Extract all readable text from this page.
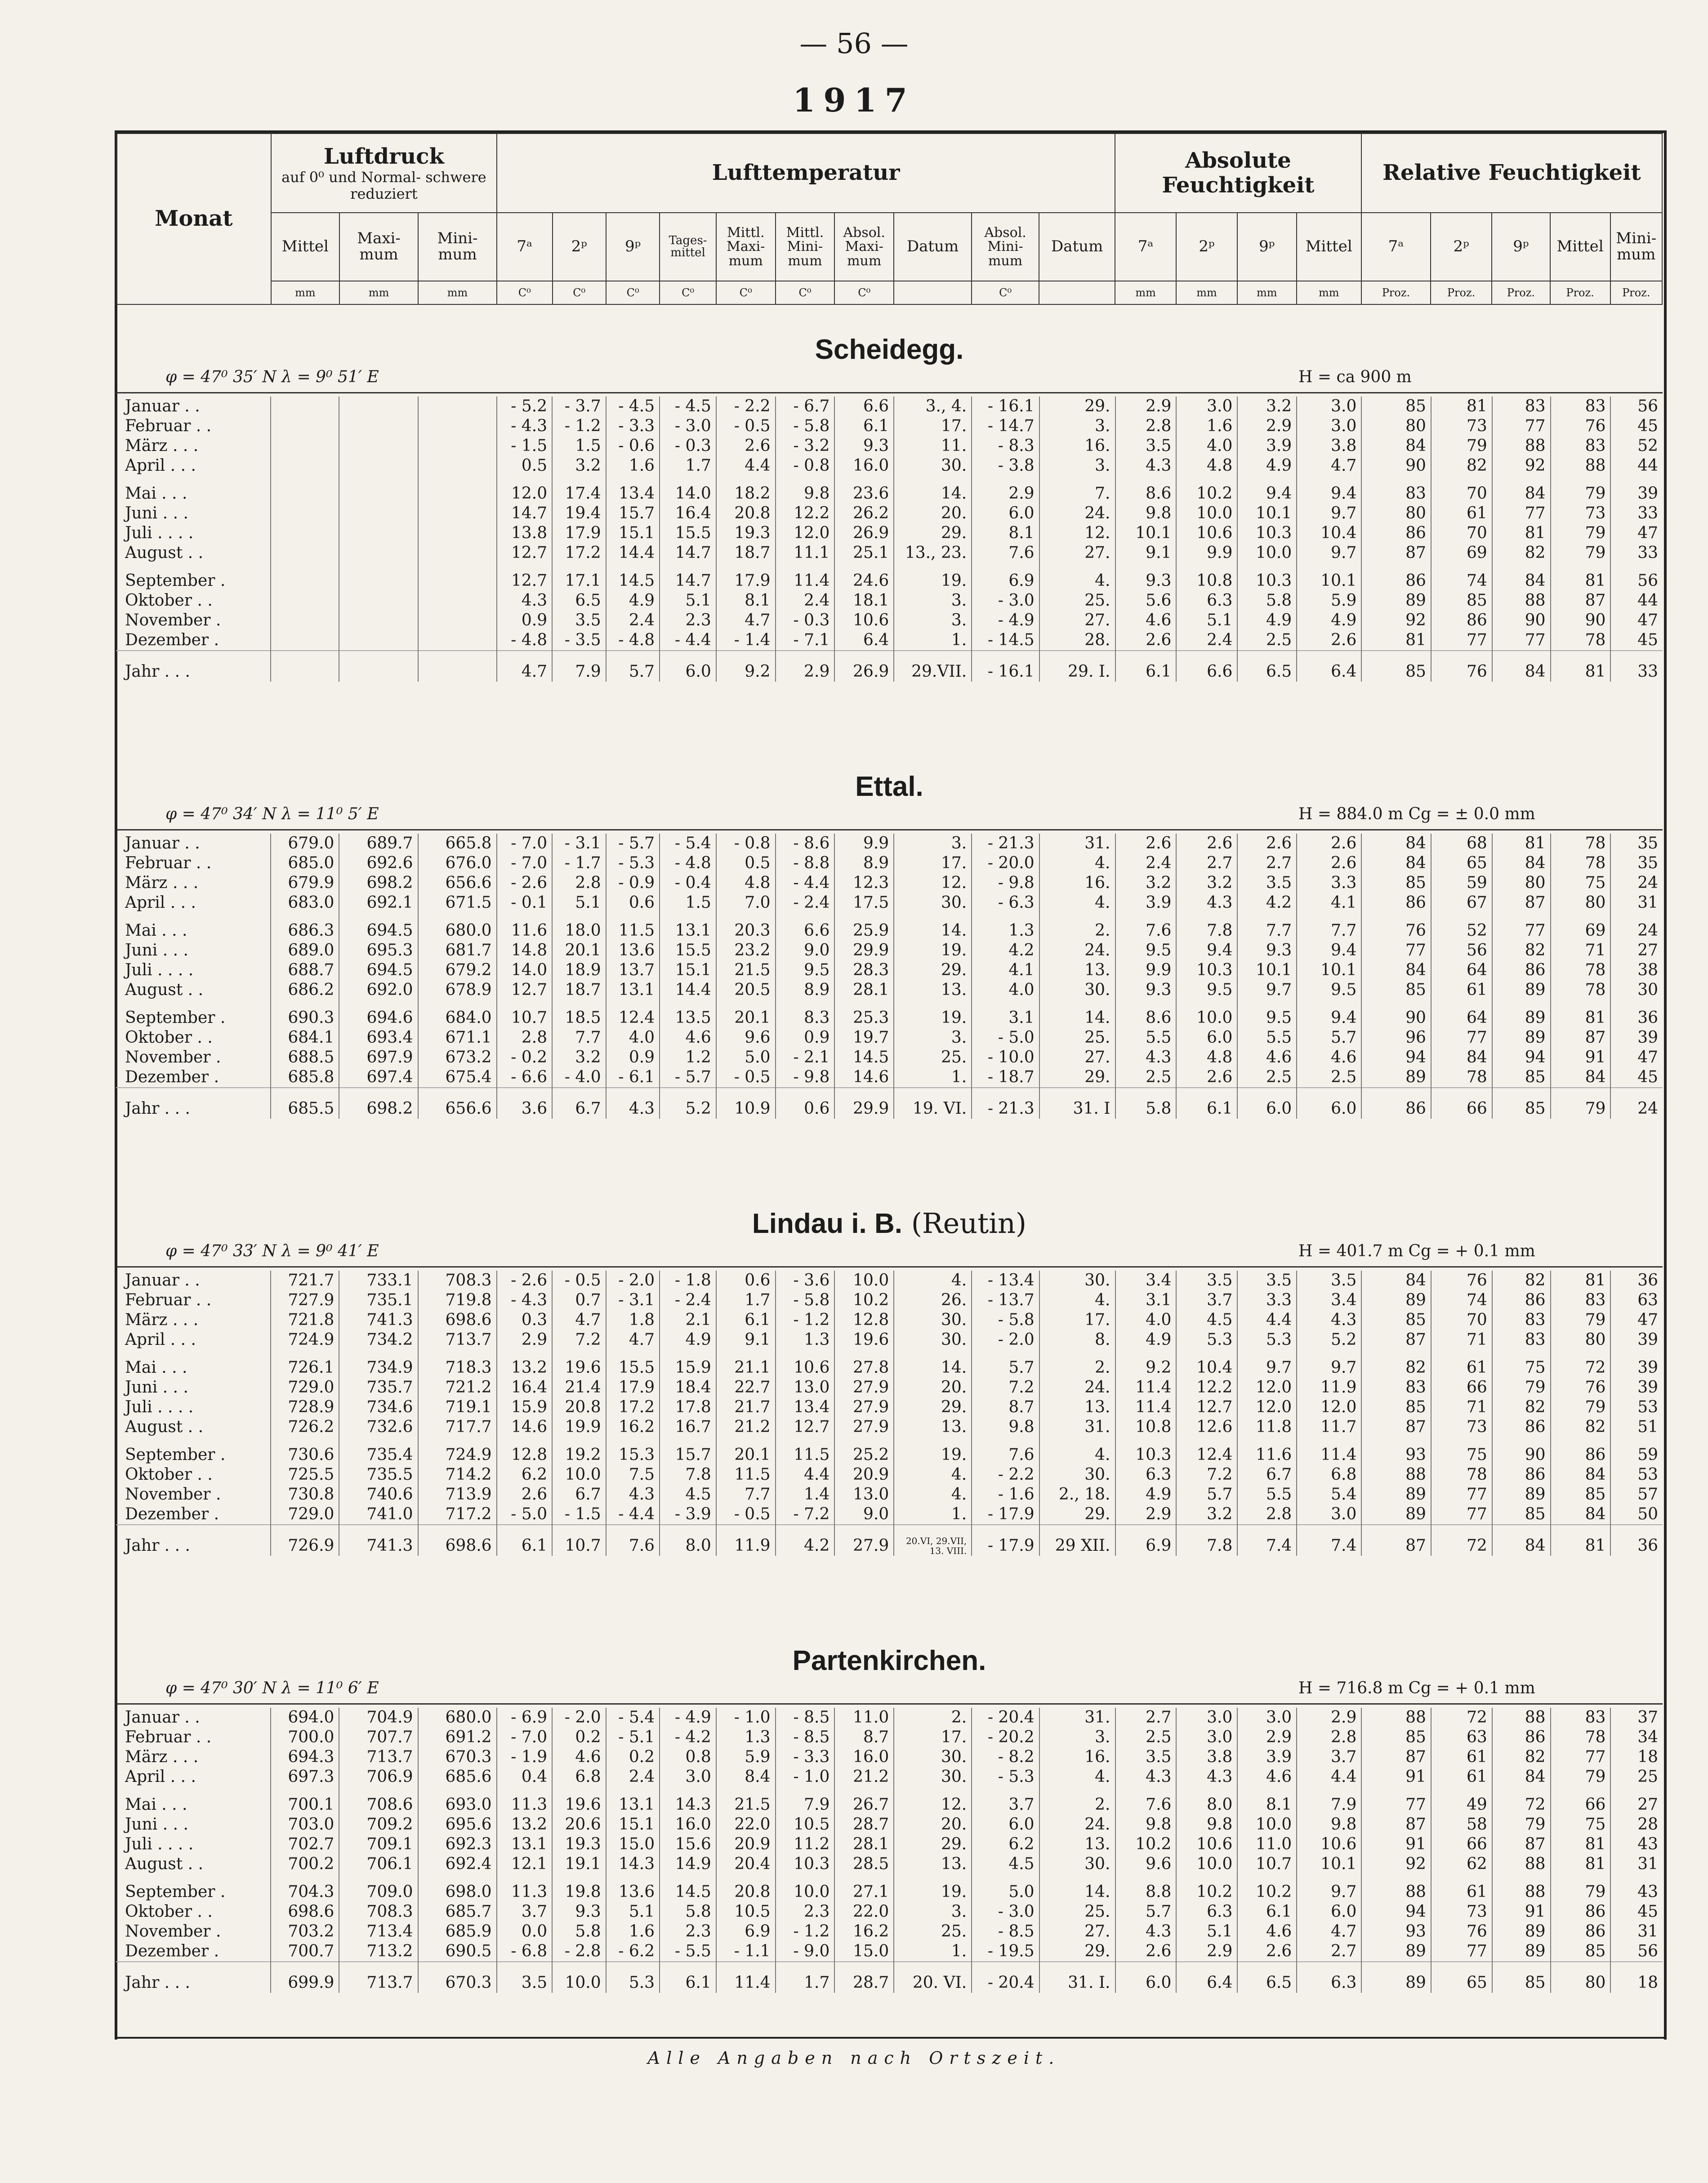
— 56 —
1917
Monat	Luftdruck
auf 0⁰ und Normal- schwere reduziert			Lufttemperatur										Absolute Feuchtigkeit				Relative Feuchtigkeit				
	Mittel	Maxi- mum	Mini- mum	7ᵃ	2ᵖ	9ᵖ	Tages- mittel	Mittl. Maxi- mum	Mittl. Mini- mum	Absol. Maxi- mum	Datum	Absol. Mini- mum	Datum	7ᵃ	2ᵖ	9ᵖ	Mittel	7ᵃ	2ᵖ	9ᵖ	Mittel	Mini- mum
	mm	mm	mm	C⁰	C⁰	C⁰	C⁰	C⁰	C⁰	C⁰		C⁰		mm	mm	mm	mm	Proz.	Proz.	Proz.	Proz.	Proz.
Scheidegg.
φ = 47⁰ 35′ N λ = 9⁰ 51′ E	H = ca 900 m
Januar . .				- 5.2	- 3.7	- 4.5	- 4.5	- 2.2	- 6.7	6.6	3., 4.	- 16.1	29.	2.9	3.0	3.2	3.0	85	81	83	83	56
Februar . .				- 4.3	- 1.2	- 3.3	- 3.0	- 0.5	- 5.8	6.1	17.	- 14.7	3.	2.8	1.6	2.9	3.0	80	73	77	76	45
März . . .				- 1.5	1.5	- 0.6	- 0.3	2.6	- 3.2	9.3	11.	- 8.3	16.	3.5	4.0	3.9	3.8	84	79	88	83	52
April . . .				0.5	3.2	1.6	1.7	4.4	- 0.8	16.0	30.	- 3.8	3.	4.3	4.8	4.9	4.7	90	82	92	88	44
Mai . . .				12.0	17.4	13.4	14.0	18.2	9.8	23.6	14.	2.9	7.	8.6	10.2	9.4	9.4	83	70	84	79	39
Juni . . .				14.7	19.4	15.7	16.4	20.8	12.2	26.2	20.	6.0	24.	9.8	10.0	10.1	9.7	80	61	77	73	33
Juli . . . .				13.8	17.9	15.1	15.5	19.3	12.0	26.9	29.	8.1	12.	10.1	10.6	10.3	10.4	86	70	81	79	47
August . .				12.7	17.2	14.4	14.7	18.7	11.1	25.1	13., 23.	7.6	27.	9.1	9.9	10.0	9.7	87	69	82	79	33
September .				12.7	17.1	14.5	14.7	17.9	11.4	24.6	19.	6.9	4.	9.3	10.8	10.3	10.1	86	74	84	81	56
Oktober . .				4.3	6.5	4.9	5.1	8.1	2.4	18.1	3.	- 3.0	25.	5.6	6.3	5.8	5.9	89	85	88	87	44
November .				0.9	3.5	2.4	2.3	4.7	- 0.3	10.6	3.	- 4.9	27.	4.6	5.1	4.9	4.9	92	86	90	90	47
Dezember .				- 4.8	- 3.5	- 4.8	- 4.4	- 1.4	- 7.1	6.4	1.	- 14.5	28.	2.6	2.4	2.5	2.6	81	77	77	78	45
Jahr . . .				4.7	7.9	5.7	6.0	9.2	2.9	26.9	29.VII.	- 16.1	29. I.	6.1	6.6	6.5	6.4	85	76	84	81	33
Ettal.
φ = 47⁰ 34′ N λ = 11⁰ 5′ E	H = 884.0 m Cg = ± 0.0 mm
Januar . .	679.0	689.7	665.8	- 7.0	- 3.1	- 5.7	- 5.4	- 0.8	- 8.6	9.9	3.	- 21.3	31.	2.6	2.6	2.6	2.6	84	68	81	78	35
Februar . .	685.0	692.6	676.0	- 7.0	- 1.7	- 5.3	- 4.8	0.5	- 8.8	8.9	17.	- 20.0	4.	2.4	2.7	2.7	2.6	84	65	84	78	35
März . . .	679.9	698.2	656.6	- 2.6	2.8	- 0.9	- 0.4	4.8	- 4.4	12.3	12.	- 9.8	16.	3.2	3.2	3.5	3.3	85	59	80	75	24
April . . .	683.0	692.1	671.5	- 0.1	5.1	0.6	1.5	7.0	- 2.4	17.5	30.	- 6.3	4.	3.9	4.3	4.2	4.1	86	67	87	80	31
Mai . . .	686.3	694.5	680.0	11.6	18.0	11.5	13.1	20.3	6.6	25.9	14.	1.3	2.	7.6	7.8	7.7	7.7	76	52	77	69	24
Juni . . .	689.0	695.3	681.7	14.8	20.1	13.6	15.5	23.2	9.0	29.9	19.	4.2	24.	9.5	9.4	9.3	9.4	77	56	82	71	27
Juli . . . .	688.7	694.5	679.2	14.0	18.9	13.7	15.1	21.5	9.5	28.3	29.	4.1	13.	9.9	10.3	10.1	10.1	84	64	86	78	38
August . .	686.2	692.0	678.9	12.7	18.7	13.1	14.4	20.5	8.9	28.1	13.	4.0	30.	9.3	9.5	9.7	9.5	85	61	89	78	30
September .	690.3	694.6	684.0	10.7	18.5	12.4	13.5	20.1	8.3	25.3	19.	3.1	14.	8.6	10.0	9.5	9.4	90	64	89	81	36
Oktober . .	684.1	693.4	671.1	2.8	7.7	4.0	4.6	9.6	0.9	19.7	3.	- 5.0	25.	5.5	6.0	5.5	5.7	96	77	89	87	39
November .	688.5	697.9	673.2	- 0.2	3.2	0.9	1.2	5.0	- 2.1	14.5	25.	- 10.0	27.	4.3	4.8	4.6	4.6	94	84	94	91	47
Dezember .	685.8	697.4	675.4	- 6.6	- 4.0	- 6.1	- 5.7	- 0.5	- 9.8	14.6	1.	- 18.7	29.	2.5	2.6	2.5	2.5	89	78	85	84	45
Jahr . . .	685.5	698.2	656.6	3.6	6.7	4.3	5.2	10.9	0.6	29.9	19. VI.	- 21.3	31. I	5.8	6.1	6.0	6.0	86	66	85	79	24
Lindau i. B. (Reutin)
φ = 47⁰ 33′ N λ = 9⁰ 41′ E	H = 401.7 m Cg = + 0.1 mm
Januar . .	721.7	733.1	708.3	- 2.6	- 0.5	- 2.0	- 1.8	0.6	- 3.6	10.0	4.	- 13.4	30.	3.4	3.5	3.5	3.5	84	76	82	81	36
Februar . .	727.9	735.1	719.8	- 4.3	0.7	- 3.1	- 2.4	1.7	- 5.8	10.2	26.	- 13.7	4.	3.1	3.7	3.3	3.4	89	74	86	83	63
März . . .	721.8	741.3	698.6	0.3	4.7	1.8	2.1	6.1	- 1.2	12.8	30.	- 5.8	17.	4.0	4.5	4.4	4.3	85	70	83	79	47
April . . .	724.9	734.2	713.7	2.9	7.2	4.7	4.9	9.1	1.3	19.6	30.	- 2.0	8.	4.9	5.3	5.3	5.2	87	71	83	80	39
Mai . . .	726.1	734.9	718.3	13.2	19.6	15.5	15.9	21.1	10.6	27.8	14.	5.7	2.	9.2	10.4	9.7	9.7	82	61	75	72	39
Juni . . .	729.0	735.7	721.2	16.4	21.4	17.9	18.4	22.7	13.0	27.9	20.	7.2	24.	11.4	12.2	12.0	11.9	83	66	79	76	39
Juli . . . .	728.9	734.6	719.1	15.9	20.8	17.2	17.8	21.7	13.4	27.9	29.	8.7	13.	11.4	12.7	12.0	12.0	85	71	82	79	53
August . .	726.2	732.6	717.7	14.6	19.9	16.2	16.7	21.2	12.7	27.9	13.	9.8	31.	10.8	12.6	11.8	11.7	87	73	86	82	51
September .	730.6	735.4	724.9	12.8	19.2	15.3	15.7	20.1	11.5	25.2	19.	7.6	4.	10.3	12.4	11.6	11.4	93	75	90	86	59
Oktober . .	725.5	735.5	714.2	6.2	10.0	7.5	7.8	11.5	4.4	20.9	4.	- 2.2	30.	6.3	7.2	6.7	6.8	88	78	86	84	53
November .	730.8	740.6	713.9	2.6	6.7	4.3	4.5	7.7	1.4	13.0	4.	- 1.6	2., 18.	4.9	5.7	5.5	5.4	89	77	89	85	57
Dezember .	729.0	741.0	717.2	- 5.0	- 1.5	- 4.4	- 3.9	- 0.5	- 7.2	9.0	1.	- 17.9	29.	2.9	3.2	2.8	3.0	89	77	85	84	50
Jahr . . .	726.9	741.3	698.6	6.1	10.7	7.6	8.0	11.9	4.2	27.9	20.VI, 29.VII, 13. VIII.	- 17.9	29 XII.	6.9	7.8	7.4	7.4	87	72	84	81	36
Partenkirchen.
φ = 47⁰ 30′ N λ = 11⁰ 6′ E	H = 716.8 m Cg = + 0.1 mm
Januar . .	694.0	704.9	680.0	- 6.9	- 2.0	- 5.4	- 4.9	- 1.0	- 8.5	11.0	2.	- 20.4	31.	2.7	3.0	3.0	2.9	88	72	88	83	37
Februar . .	700.0	707.7	691.2	- 7.0	0.2	- 5.1	- 4.2	1.3	- 8.5	8.7	17.	- 20.2	3.	2.5	3.0	2.9	2.8	85	63	86	78	34
März . . .	694.3	713.7	670.3	- 1.9	4.6	0.2	0.8	5.9	- 3.3	16.0	30.	- 8.2	16.	3.5	3.8	3.9	3.7	87	61	82	77	18
April . . .	697.3	706.9	685.6	0.4	6.8	2.4	3.0	8.4	- 1.0	21.2	30.	- 5.3	4.	4.3	4.3	4.6	4.4	91	61	84	79	25
Mai . . .	700.1	708.6	693.0	11.3	19.6	13.1	14.3	21.5	7.9	26.7	12.	3.7	2.	7.6	8.0	8.1	7.9	77	49	72	66	27
Juni . . .	703.0	709.2	695.6	13.2	20.6	15.1	16.0	22.0	10.5	28.7	20.	6.0	24.	9.8	9.8	10.0	9.8	87	58	79	75	28
Juli . . . .	702.7	709.1	692.3	13.1	19.3	15.0	15.6	20.9	11.2	28.1	29.	6.2	13.	10.2	10.6	11.0	10.6	91	66	87	81	43
August . .	700.2	706.1	692.4	12.1	19.1	14.3	14.9	20.4	10.3	28.5	13.	4.5	30.	9.6	10.0	10.7	10.1	92	62	88	81	31
September .	704.3	709.0	698.0	11.3	19.8	13.6	14.5	20.8	10.0	27.1	19.	5.0	14.	8.8	10.2	10.2	9.7	88	61	88	79	43
Oktober . .	698.6	708.3	685.7	3.7	9.3	5.1	5.8	10.5	2.3	22.0	3.	- 3.0	25.	5.7	6.3	6.1	6.0	94	73	91	86	45
November .	703.2	713.4	685.9	0.0	5.8	1.6	2.3	6.9	- 1.2	16.2	25.	- 8.5	27.	4.3	5.1	4.6	4.7	93	76	89	86	31
Dezember .	700.7	713.2	690.5	- 6.8	- 2.8	- 6.2	- 5.5	- 1.1	- 9.0	15.0	1.	- 19.5	29.	2.6	2.9	2.6	2.7	89	77	89	85	56
Jahr . . .	699.9	713.7	670.3	3.5	10.0	5.3	6.1	11.4	1.7	28.7	20. VI.	- 20.4	31. I.	6.0	6.4	6.5	6.3	89	65	85	80	18
Alle Angaben nach Ortszeit.
